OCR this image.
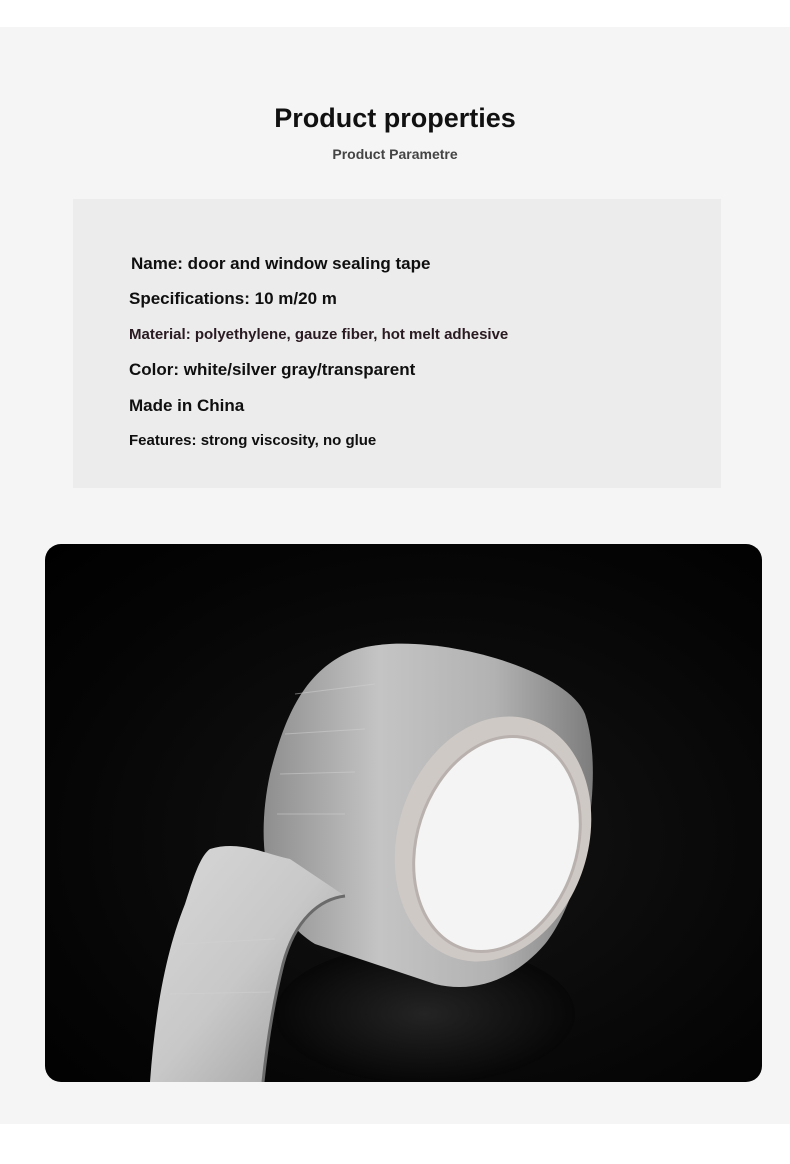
Product properties

Product Parametre

Name: door and window sealing tape

Specifications: 10 m/20 m

Material: polyethylene, gauze fiber, hot melt adhesive

Color: white/silver gray/transparent

Made in China

Features: strong viscosity, no glue
